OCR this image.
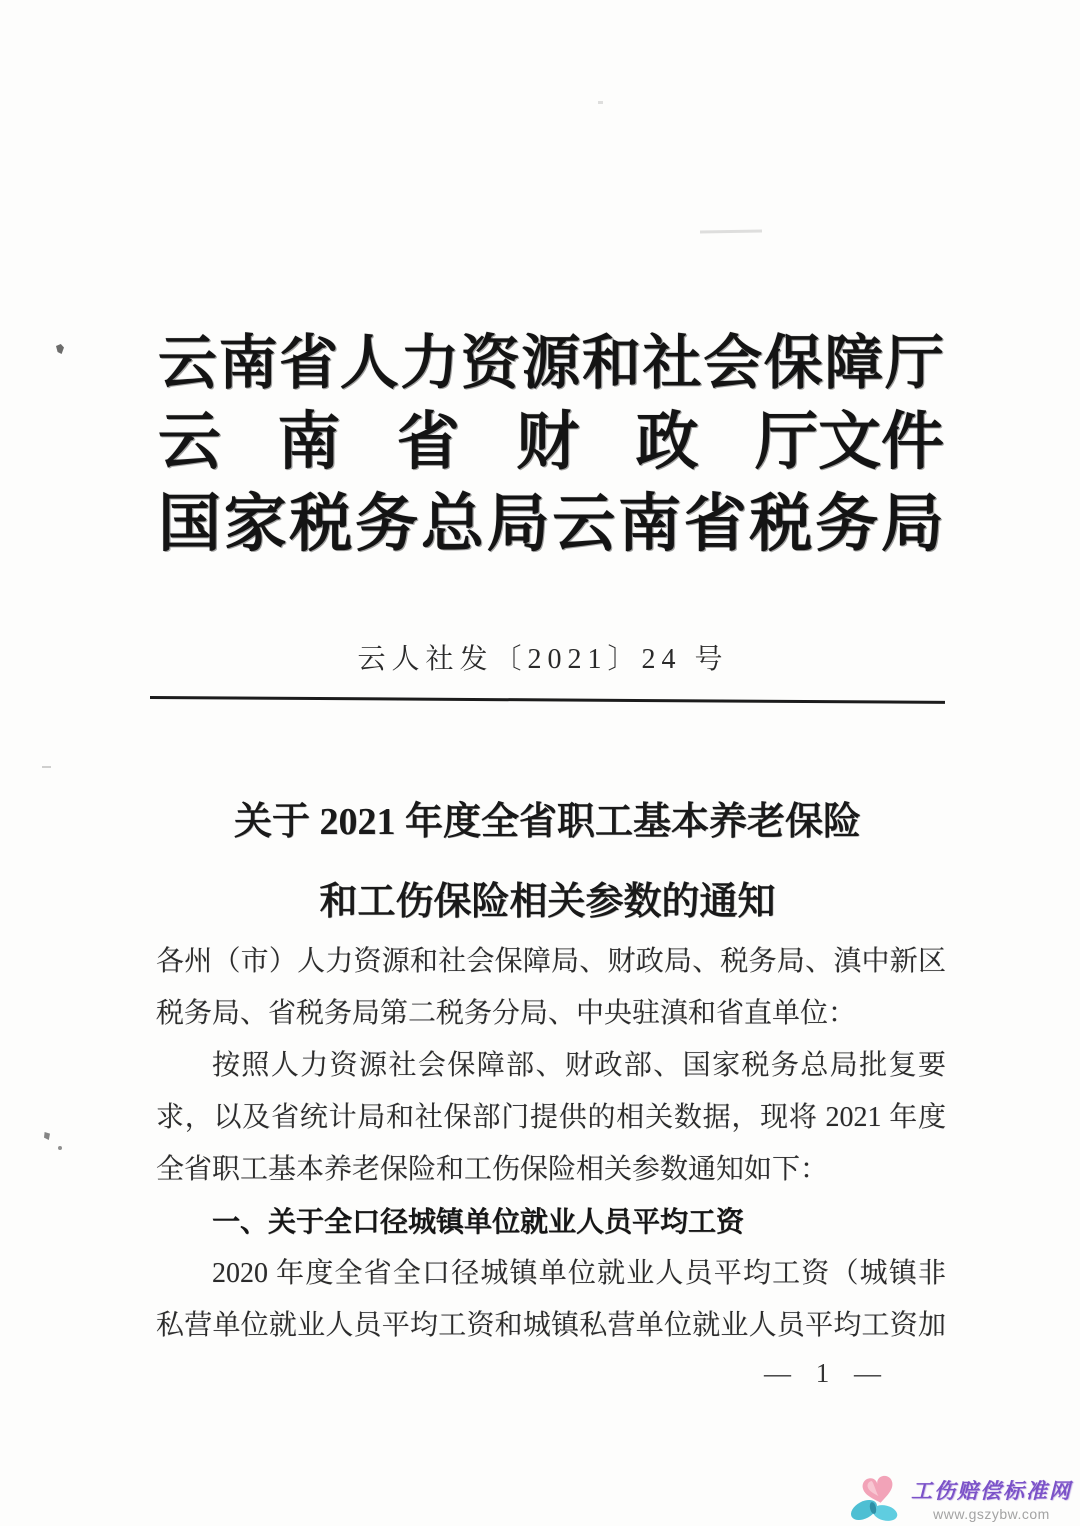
云 南 省 人 力 资 源 和 社 会 保 障 厅
云 南 省 财 政 厅文件
国 家 税 务 总 局 云 南 省 税 务 局
云人社发〔2021〕24 号
关于 2021 年度全省职工基本养老保险
和工伤保险相关参数的通知
各州（市）人力资源和社会保障局、财政局、税务局、滇中新区
税务局、省税务局第二税务分局、中央驻滇和省直单位：
按照人力资源社会保障部、财政部、国家税务总局批复要
求，以及省统计局和社保部门提供的相关数据，现将 2021 年度
全省职工基本养老保险和工伤保险相关参数通知如下：
一、关于全口径城镇单位就业人员平均工资
2020 年度全省全口径城镇单位就业人员平均工资（城镇非
私营单位就业人员平均工资和城镇私营单位就业人员平均工资加
— 1 —
工伤赔偿标准网
www.gszybw.com
